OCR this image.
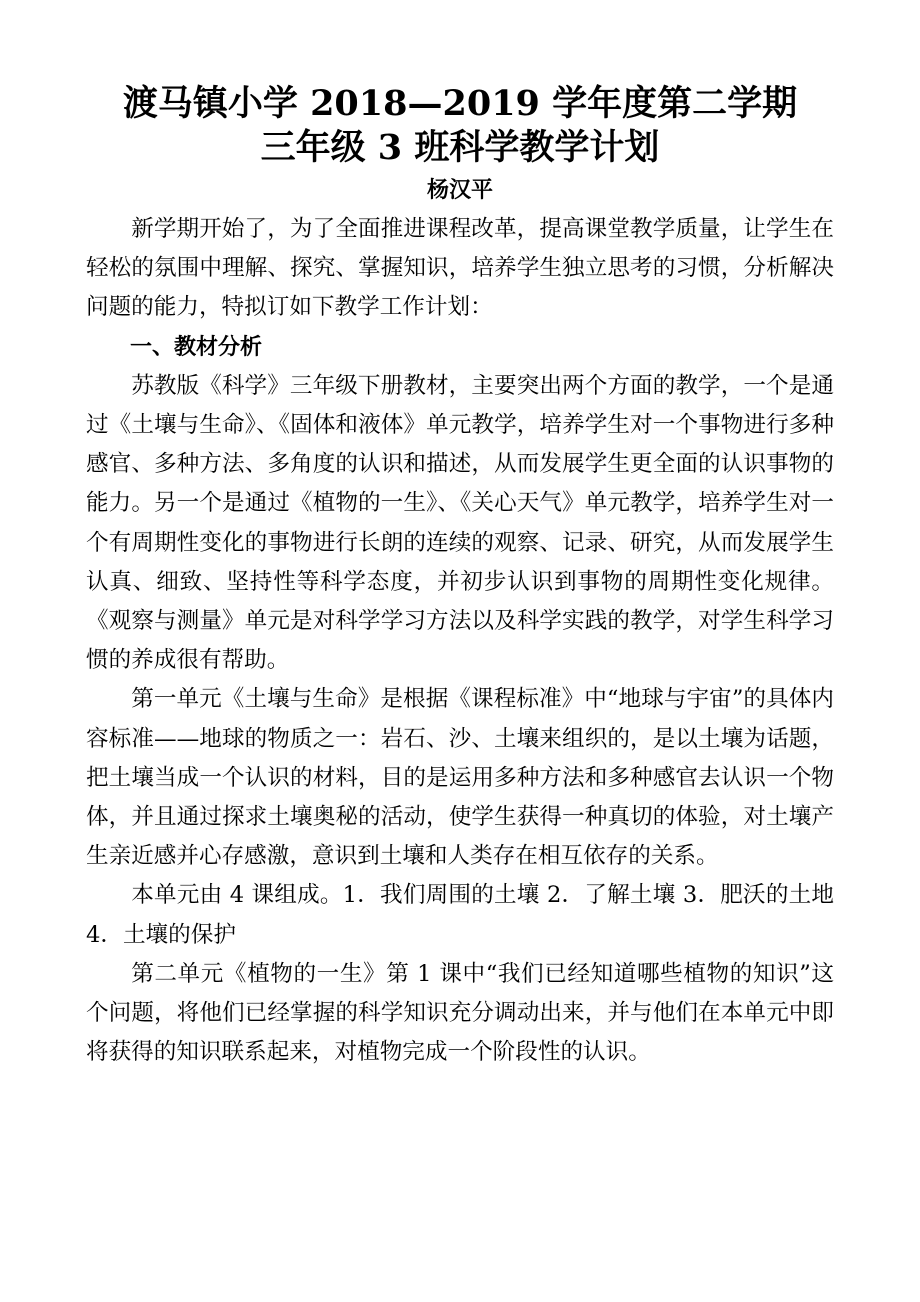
渡马镇小学 2018—2019 学年度第二学期
三年级 3 班科学教学计划
杨汉平

新学期开始了，为了全面推进课程改革，提高课堂教学质量，让学生在轻松的氛围中理解、探究、掌握知识，培养学生独立思考的习惯，分析解决问题的能力，特拟订如下教学工作计划：

一、教材分析

苏教版《科学》三年级下册教材，主要突出两个方面的教学，一个是通过《土壤与生命》、《固体和液体》单元教学，培养学生对一个事物进行多种感官、多种方法、多角度的认识和描述，从而发展学生更全面的认识事物的能力。另一个是通过《植物的一生》、《关心天气》单元教学，培养学生对一个有周期性变化的事物进行长朗的连续的观察、记录、研究，从而发展学生认真、细致、坚持性等科学态度，并初步认识到事物的周期性变化规律。《观察与测量》单元是对科学学习方法以及科学实践的教学，对学生科学习惯的养成很有帮助。

第一单元《土壤与生命》是根据《课程标准》中“地球与宇宙”的具体内容标准——地球的物质之一：岩石、沙、土壤来组织的，是以土壤为话题，把土壤当成一个认识的材料，目的是运用多种方法和多种感官去认识一个物体，并且通过探求土壤奥秘的活动，使学生获得一种真切的体验，对土壤产生亲近感并心存感激，意识到土壤和人类存在相互依存的关系。

本单元由 4 课组成。1．我们周围的土壤 2．了解土壤 3．肥沃的土地 4．土壤的保护

第二单元《植物的一生》第 1 课中“我们已经知道哪些植物的知识”这个问题，将他们已经掌握的科学知识充分调动出来，并与他们在本单元中即将获得的知识联系起来，对植物完成一个阶段性的认识。
